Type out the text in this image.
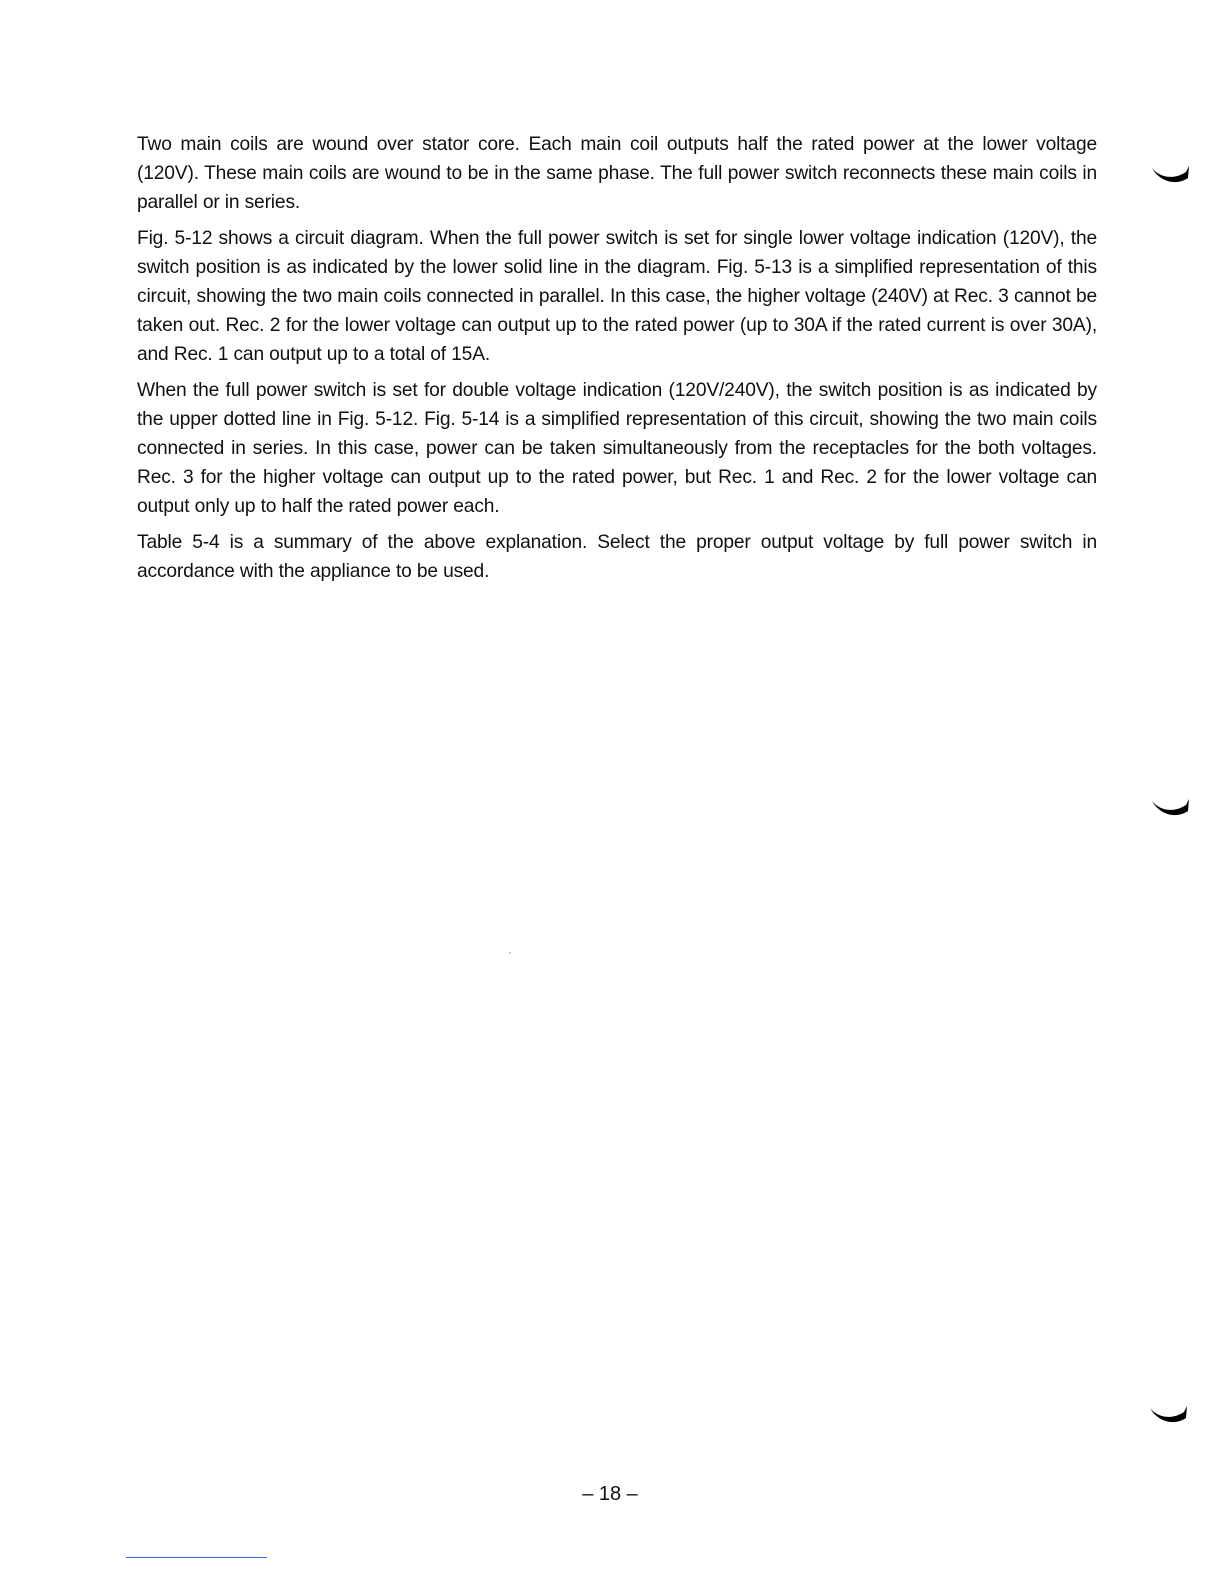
Two main coils are wound over stator core. Each main coil outputs half the rated power at the lower voltage (120V). These main coils are wound to be in the same phase. The full power switch reconnects these main coils in parallel or in series.

Fig. 5-12 shows a circuit diagram. When the full power switch is set for single lower voltage indication (120V), the switch position is as indicated by the lower solid line in the diagram. Fig. 5-13 is a simplified representation of this circuit, showing the two main coils connected in parallel. In this case, the higher voltage (240V) at Rec. 3 cannot be taken out. Rec. 2 for the lower voltage can output up to the rated power (up to 30A if the rated current is over 30A), and Rec. 1 can output up to a total of 15A.

When the full power switch is set for double voltage indication (120V/240V), the switch position is as indicated by the upper dotted line in Fig. 5-12. Fig. 5-14 is a simplified representation of this circuit, showing the two main coils connected in series. In this case, power can be taken simultaneously from the receptacles for the both voltages. Rec. 3 for the higher voltage can output up to the rated power, but Rec. 1 and Rec. 2 for the lower voltage can output only up to half the rated power each.

Table 5-4 is a summary of the above explanation. Select the proper output voltage by full power switch in accordance with the appliance to be used.

– 18 –
